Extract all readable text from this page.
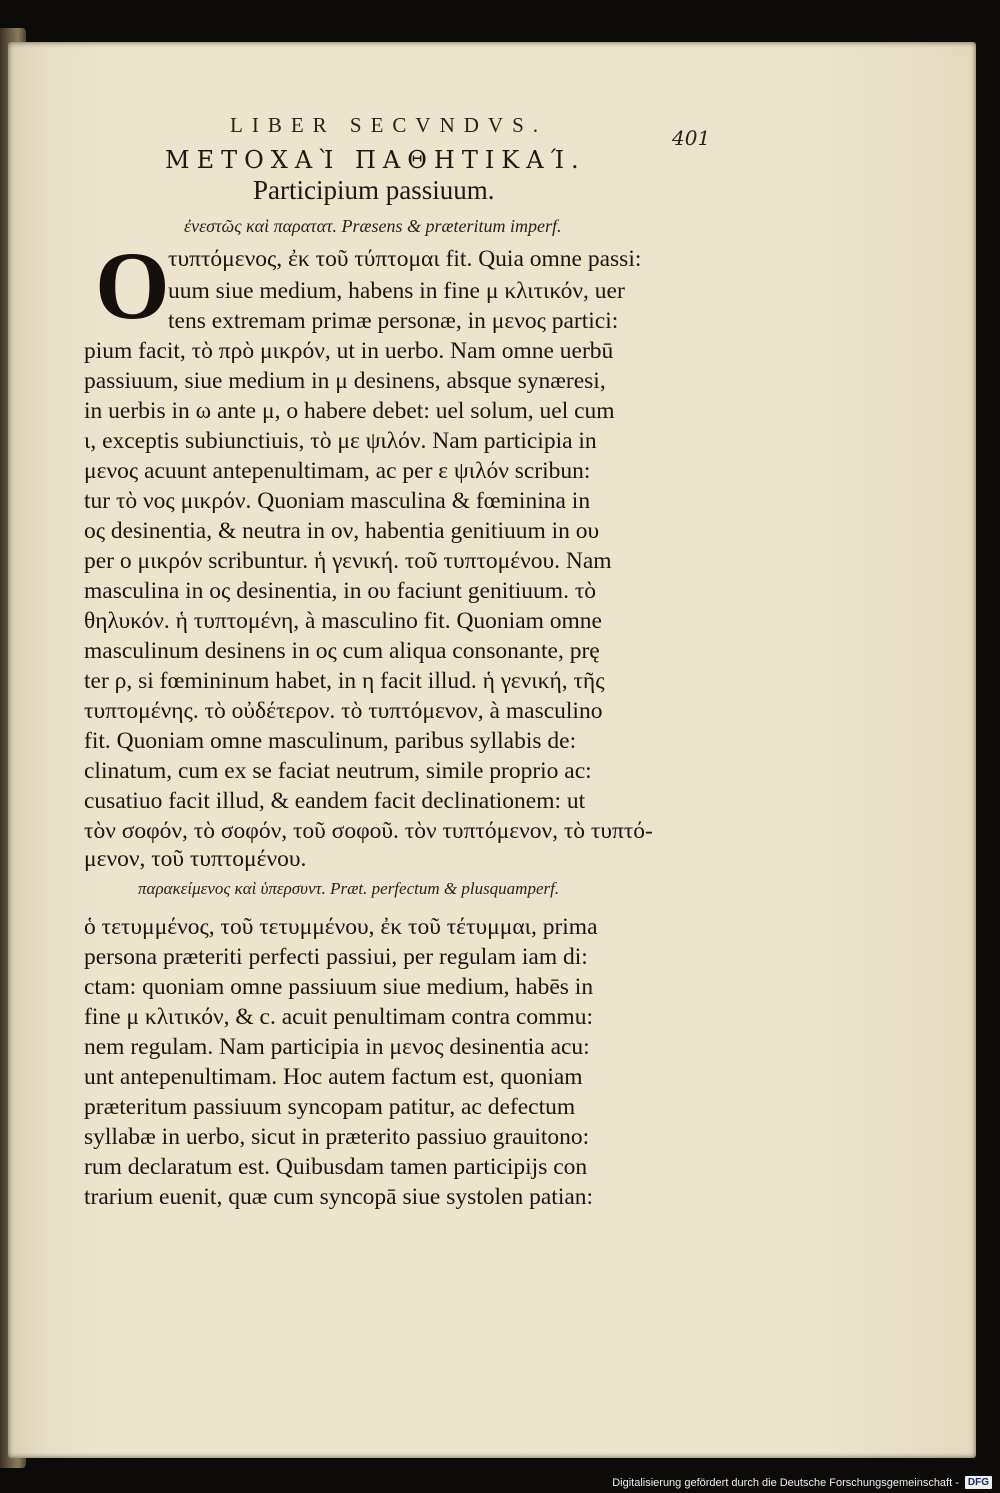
LIBER SECVNDVS.
401
ΜΕΤΟΧΑῚ ΠΑΘΗΤΙΚΑΊ.
Participium passiuum.
ἐνεστῶς καὶ παρατατ. Præsens & præteritum imperf.
O
τυπτόμενος, ἐκ τοῦ τύπτομαι fit. Quia omne passi:
uum siue medium, habens in fine μ κλιτικόν, uer
tens extremam primæ personæ, in μενος partici:
pium facit, τὸ πρὸ μικρόν, ut in uerbo. Nam omne uerbū
passiuum, siue medium in μ desinens, absque synæresi,
in uerbis in ω ante μ, ο habere debet: uel solum, uel cum
ι, exceptis subiunctiuis, τὸ με ψιλόν. Nam participia in
μενος acuunt antepenultimam, ac per ε ψιλόν scribun:
tur τὸ νος μικρόν. Quoniam masculina & fœminina in
ος desinentia, & neutra in ον, habentia genitiuum in ου
per ο μικρόν scribuntur. ἡ γενική. τοῦ τυπτομένου. Nam
masculina in ος desinentia, in ου faciunt genitiuum. τὸ
θηλυκόν. ἡ τυπτομένη, à masculino fit. Quoniam omne
masculinum desinens in ος cum aliqua consonante, prę
ter ρ, si fœmininum habet, in η facit illud. ἡ γενική, τῆς
τυπτομένης. τὸ οὐδέτερον. τὸ τυπτόμενον, à masculino
fit. Quoniam omne masculinum, paribus syllabis de:
clinatum, cum ex se faciat neutrum, simile proprio ac:
cusatiuo facit illud, & eandem facit declinationem: ut
τὸν σοφόν, τὸ σοφόν, τοῦ σοφοῦ. τὸν τυπτόμενον, τὸ τυπτό-
μενον, τοῦ τυπτομένου.
παρακείμενος καὶ ὑπερσυντ. Præt. perfectum & plusquamperf.
ὁ τετυμμένος, τοῦ τετυμμένου, ἐκ τοῦ τέτυμμαι, prima
persona præteriti perfecti passiui, per regulam iam di:
ctam: quoniam omne passiuum siue medium, habēs in
fine μ κλιτικόν, & c. acuit penultimam contra commu:
nem regulam. Nam participia in μενος desinentia acu:
unt antepenultimam. Hoc autem factum est, quoniam
præteritum passiuum syncopam patitur, ac defectum
syllabæ in uerbo, sicut in præterito passiuo grauitono:
rum declaratum est. Quibusdam tamen participijs con
trarium euenit, quæ cum syncopā siue systolen patian:
Digitalisierung gefördert durch die Deutsche Forschungsgemeinschaft - DFG
